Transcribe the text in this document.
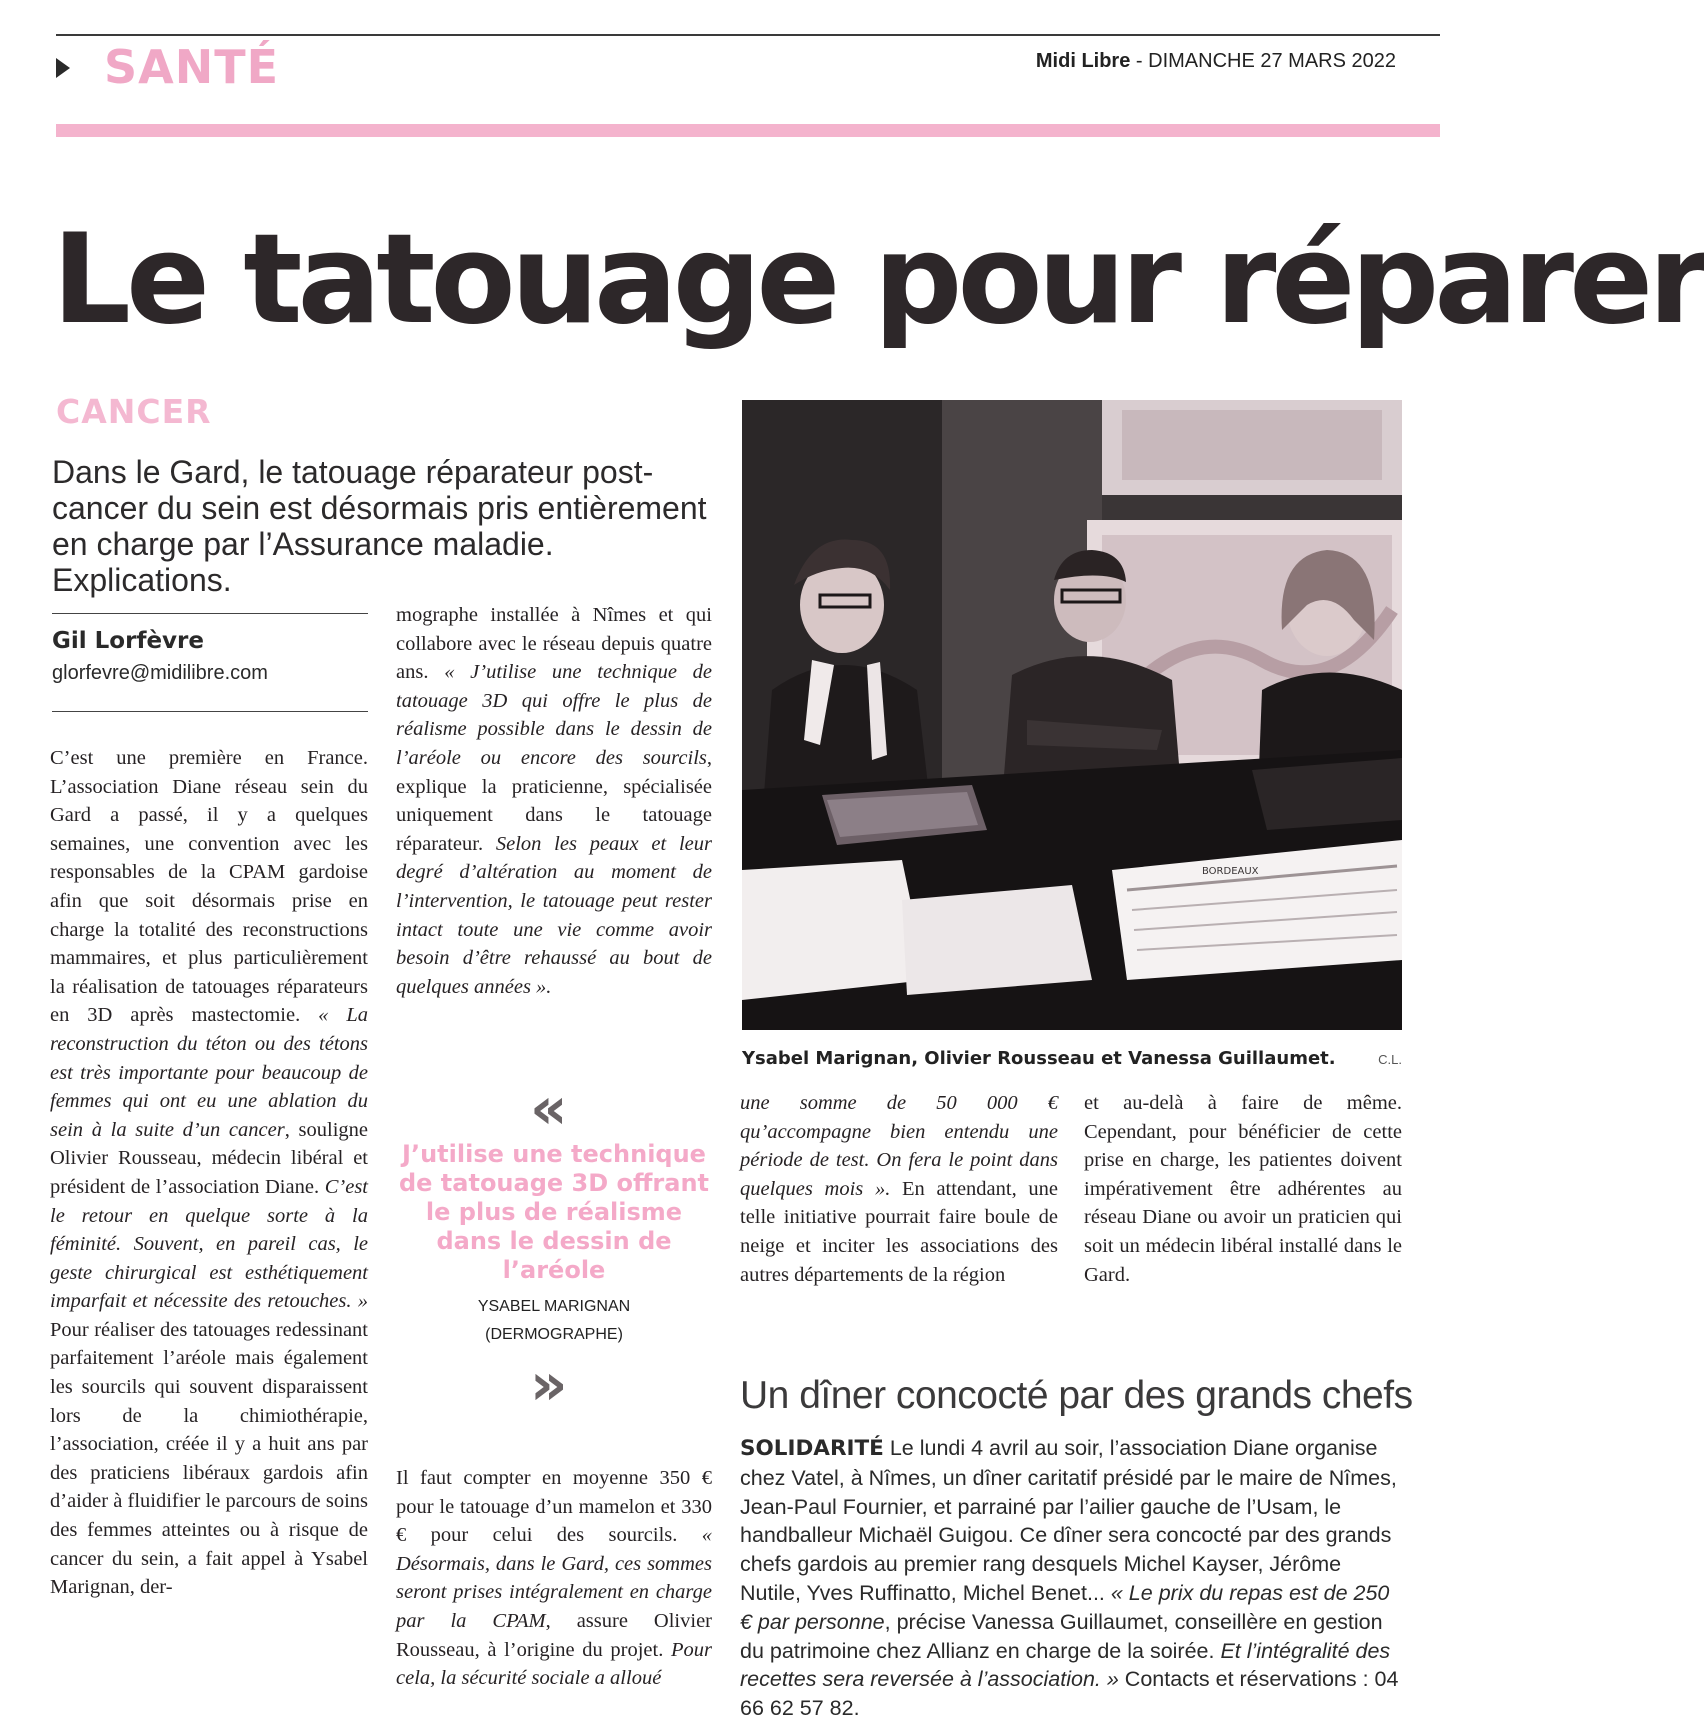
SANTÉ	Midi Libre - DIMANCHE 27 MARS 2022
Le tatouage pour réparer
CANCER
Dans le Gard, le tatouage réparateur post-cancer du sein est désormais pris entièrement en charge par l’Assurance maladie. Explications.
Gil Lorfèvre
glorfevre@midilibre.com

C’est une première en France. L’association Diane réseau sein du Gard a passé, il y a quelques semaines, une convention avec les responsables de la CPAM gardoise afin que soit désormais prise en charge la totalité des reconstructions mammaires, et plus particulièrement la réalisation de tatouages réparateurs en 3D après mastectomie. « La reconstruction du téton ou des tétons est très importante pour beaucoup de femmes qui ont eu une ablation du sein à la suite d’un cancer, souligne Olivier Rousseau, médecin libéral et président de l’association Diane. C’est le retour en quelque sorte à la féminité. Souvent, en pareil cas, le geste chirurgical est esthétiquement imparfait et nécessite des retouches. » Pour réaliser des tatouages redessinant parfaitement l’aréole mais également les sourcils qui souvent disparaissent lors de la chimiothérapie, l’association, créée il y a huit ans par des praticiens libéraux gardois afin d’aider à fluidifier le parcours de soins des femmes atteintes ou à risque de cancer du sein, a fait appel à Ysabel Marignan, der-

mographe installée à Nîmes et qui collabore avec le réseau depuis quatre ans. « J’utilise une technique de tatouage 3D qui offre le plus de réalisme possible dans le dessin de l’aréole ou encore des sourcils, explique la praticienne, spécialisée uniquement dans le tatouage réparateur. Selon les peaux et leur degré d’altération au moment de l’intervention, le tatouage peut rester intact toute une vie comme avoir besoin d’être rehaussé au bout de quelques années ».

«
J’utilise une technique de tatouage 3D offrant le plus de réalisme dans le dessin de l’aréole
YSABEL MARIGNAN
(DERMOGRAPHE)
»

Il faut compter en moyenne 350 € pour le tatouage d’un mamelon et 330 € pour celui des sourcils. « Désormais, dans le Gard, ces sommes seront prises intégralement en charge par la CPAM, assure Olivier Rousseau, à l’origine du projet. Pour cela, la sécurité sociale a alloué

BORDEAUX
Ysabel Marignan, Olivier Rousseau et Vanessa Guillaumet.	C.L.

une somme de 50 000 € qu’accompagne bien entendu une période de test. On fera le point dans quelques mois ». En attendant, une telle initiative pourrait faire boule de neige et inciter les associations des autres départements de la région

et au-delà à faire de même. Cependant, pour bénéficier de cette prise en charge, les patientes doivent impérativement être adhérentes au réseau Diane ou avoir un praticien qui soit un médecin libéral installé dans le Gard.

Un dîner concocté par des grands chefs

SOLIDARITÉ Le lundi 4 avril au soir, l’association Diane organise chez Vatel, à Nîmes, un dîner caritatif présidé par le maire de Nîmes, Jean-Paul Fournier, et parrainé par l’ailier gauche de l’Usam, le handballeur Michaël Guigou. Ce dîner sera concocté par des grands chefs gardois au premier rang desquels Michel Kayser, Jérôme Nutile, Yves Ruffinatto, Michel Benet... « Le prix du repas est de 250 € par personne, précise Vanessa Guillaumet, conseillère en gestion du patrimoine chez Allianz en charge de la soirée. Et l’intégralité des recettes sera reversée à l’association. » Contacts et réservations : 04 66 62 57 82.
